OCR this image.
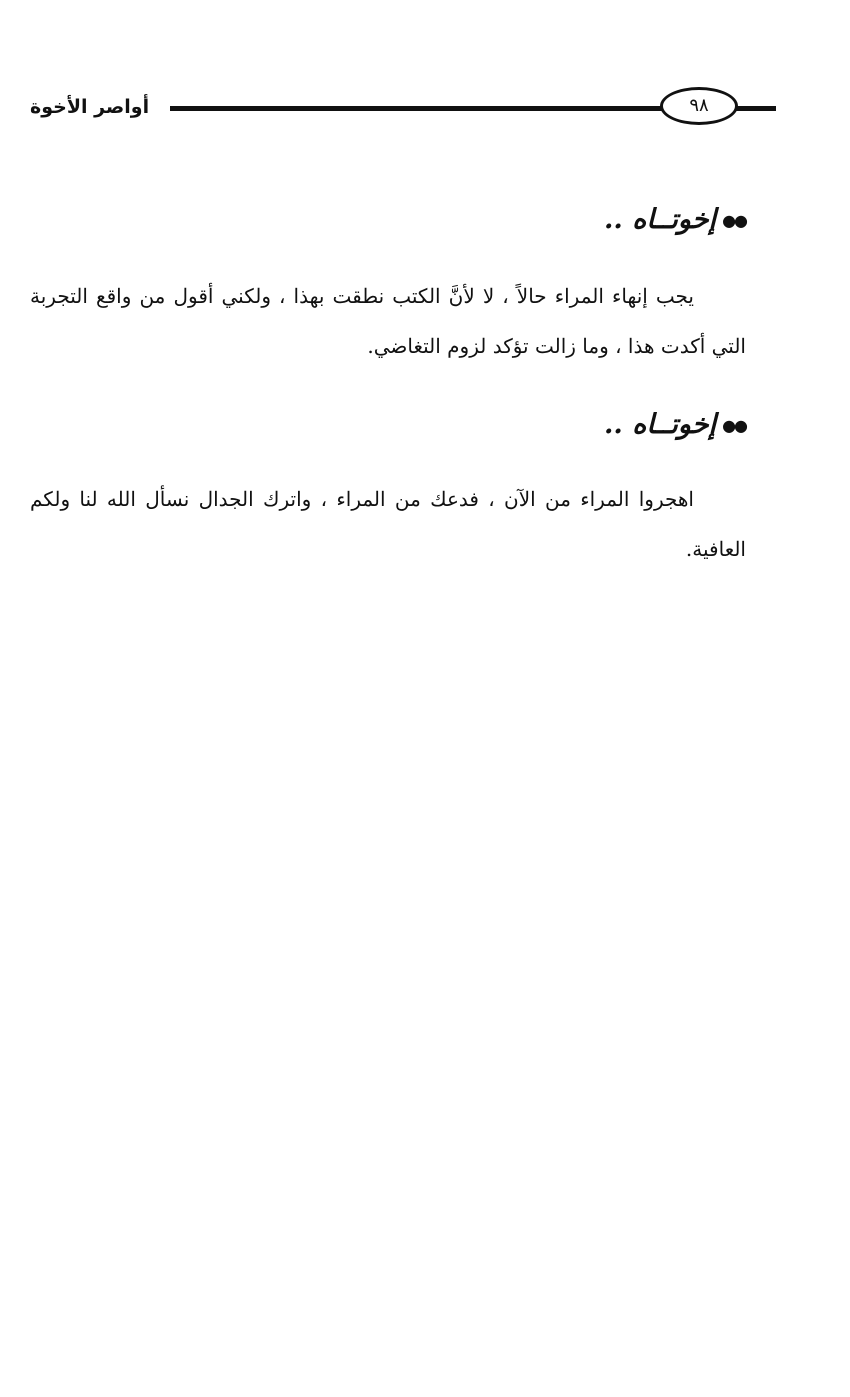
أواصر الأخوة	٩٨
●●إخوتــاه ..
يجب إنهاء المراء حالاً ، لا لأنَّ الكتب نطقت بهذا ، ولكني أقول من واقع التجربة التي أكدت هذا ، وما زالت تؤكد لزوم التغاضي.
●●إخوتــاه ..
اهجروا المراء من الآن ، فدعك من المراء ، واترك الجدال نسأل الله لنا ولكم العافية.
